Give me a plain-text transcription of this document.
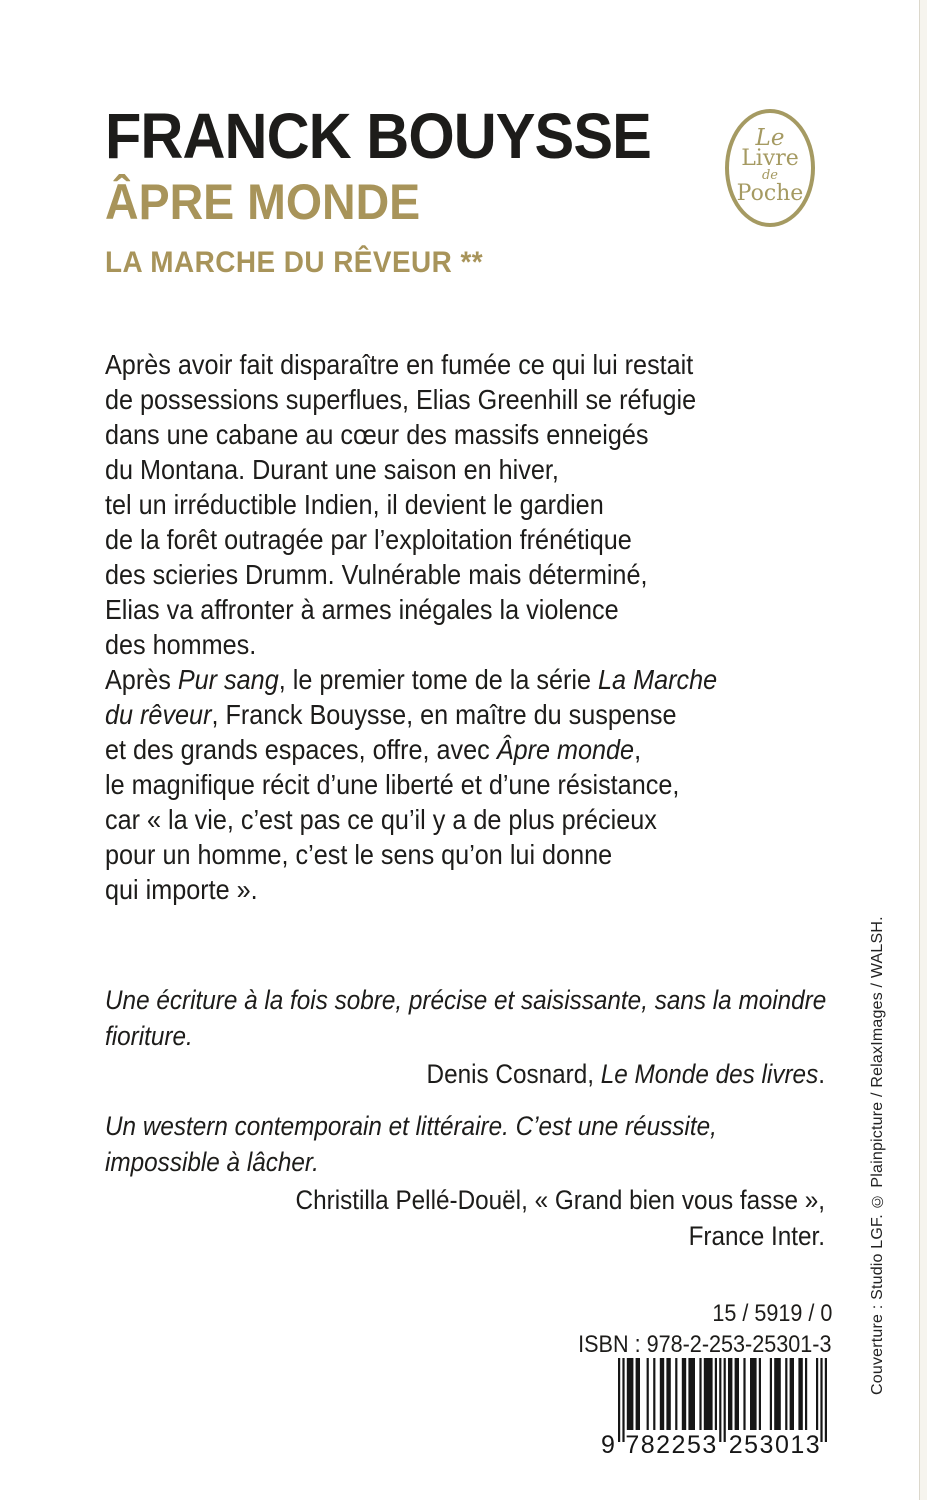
FRANCK BOUYSSE
ÂPRE MONDE
LA MARCHE DU RÊVEUR **
Le
Livre
de
Poche
Après avoir fait disparaître en fumée ce qui lui restait
de possessions superflues, Elias Greenhill se réfugie
dans une cabane au cœur des massifs enneigés
du Montana. Durant une saison en hiver,
tel un irréductible Indien, il devient le gardien
de la forêt outragée par l’exploitation frénétique
des scieries Drumm. Vulnérable mais déterminé,
Elias va affronter à armes inégales la violence
des hommes.
Après Pur sang, le premier tome de la série La Marche
du rêveur, Franck Bouysse, en maître du suspense
et des grands espaces, offre, avec Âpre monde,
le magnifique récit d’une liberté et d’une résistance,
car « la vie, c’est pas ce qu’il y a de plus précieux
pour un homme, c’est le sens qu’on lui donne
qui importe ».
Une écriture à la fois sobre, précise et saisissante, sans la moindre
fioriture.
Denis Cosnard, Le Monde des livres.
Un western contemporain et littéraire. C’est une réussite,
impossible à lâcher.
Christilla Pellé-Douël, « Grand bien vous fasse »,
France Inter.	Couverture : Studio LGF. © Plainpicture / RelaxImages / WALSH.
15 / 5919 / 0
ISBN : 978-2-253-25301-3
9 7 8 2 2 5 3 2 5 3 0 1 3
